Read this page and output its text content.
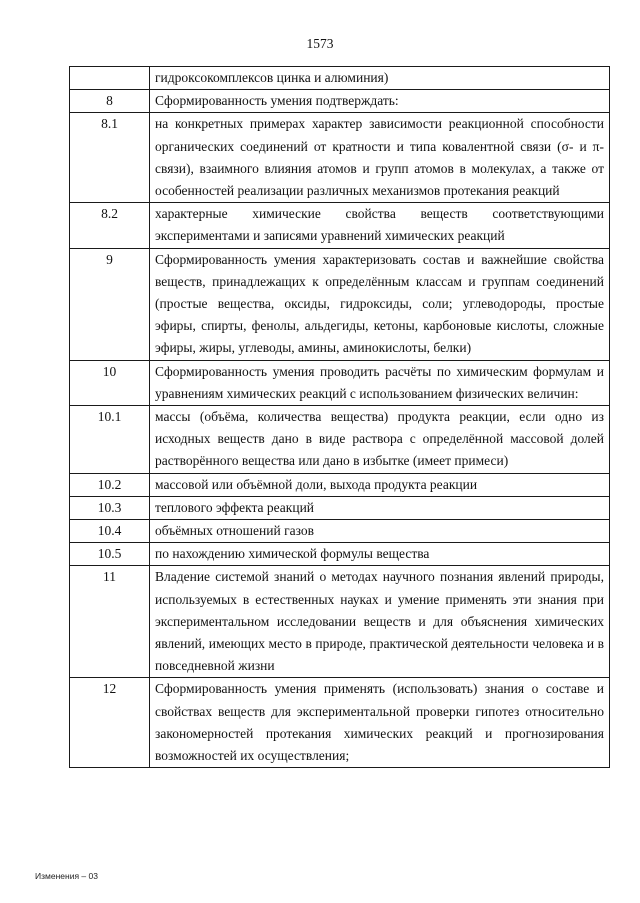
1573
	гидроксокомплексов цинка и алюминия)
8	Сформированность умения подтверждать:
8.1	на конкретных примерах характер зависимости реакционной способности органических соединений от кратности и типа ковалентной связи (σ- и π-связи), взаимного влияния атомов и групп атомов в молекулах, а также от особенностей реализации различных механизмов протекания реакций
8.2	характерные химические свойства веществ соответствующими экспериментами и записями уравнений химических реакций
9	Сформированность умения характеризовать состав и важнейшие свойства веществ, принадлежащих к определённым классам и группам соединений (простые вещества, оксиды, гидроксиды, соли; углеводороды, простые эфиры, спирты, фенолы, альдегиды, кетоны, карбоновые кислоты, сложные эфиры, жиры, углеводы, амины, аминокислоты, белки)
10	Сформированность умения проводить расчёты по химическим формулам и уравнениям химических реакций с использованием физических величин:
10.1	массы (объёма, количества вещества) продукта реакции, если одно из исходных веществ дано в виде раствора с определённой массовой долей растворённого вещества или дано в избытке (имеет примеси)
10.2	массовой или объёмной доли, выхода продукта реакции
10.3	теплового эффекта реакций
10.4	объёмных отношений газов
10.5	по нахождению химической формулы вещества
11	Владение системой знаний о методах научного познания явлений природы, используемых в естественных науках и умение применять эти знания при экспериментальном исследовании веществ и для объяснения химических явлений, имеющих место в природе, практической деятельности человека и в повседневной жизни
12	Сформированность умения применять (использовать) знания о составе и свойствах веществ для экспериментальной проверки гипотез относительно закономерностей протекания химических реакций и прогнозирования возможностей их осуществления;
Изменения – 03
